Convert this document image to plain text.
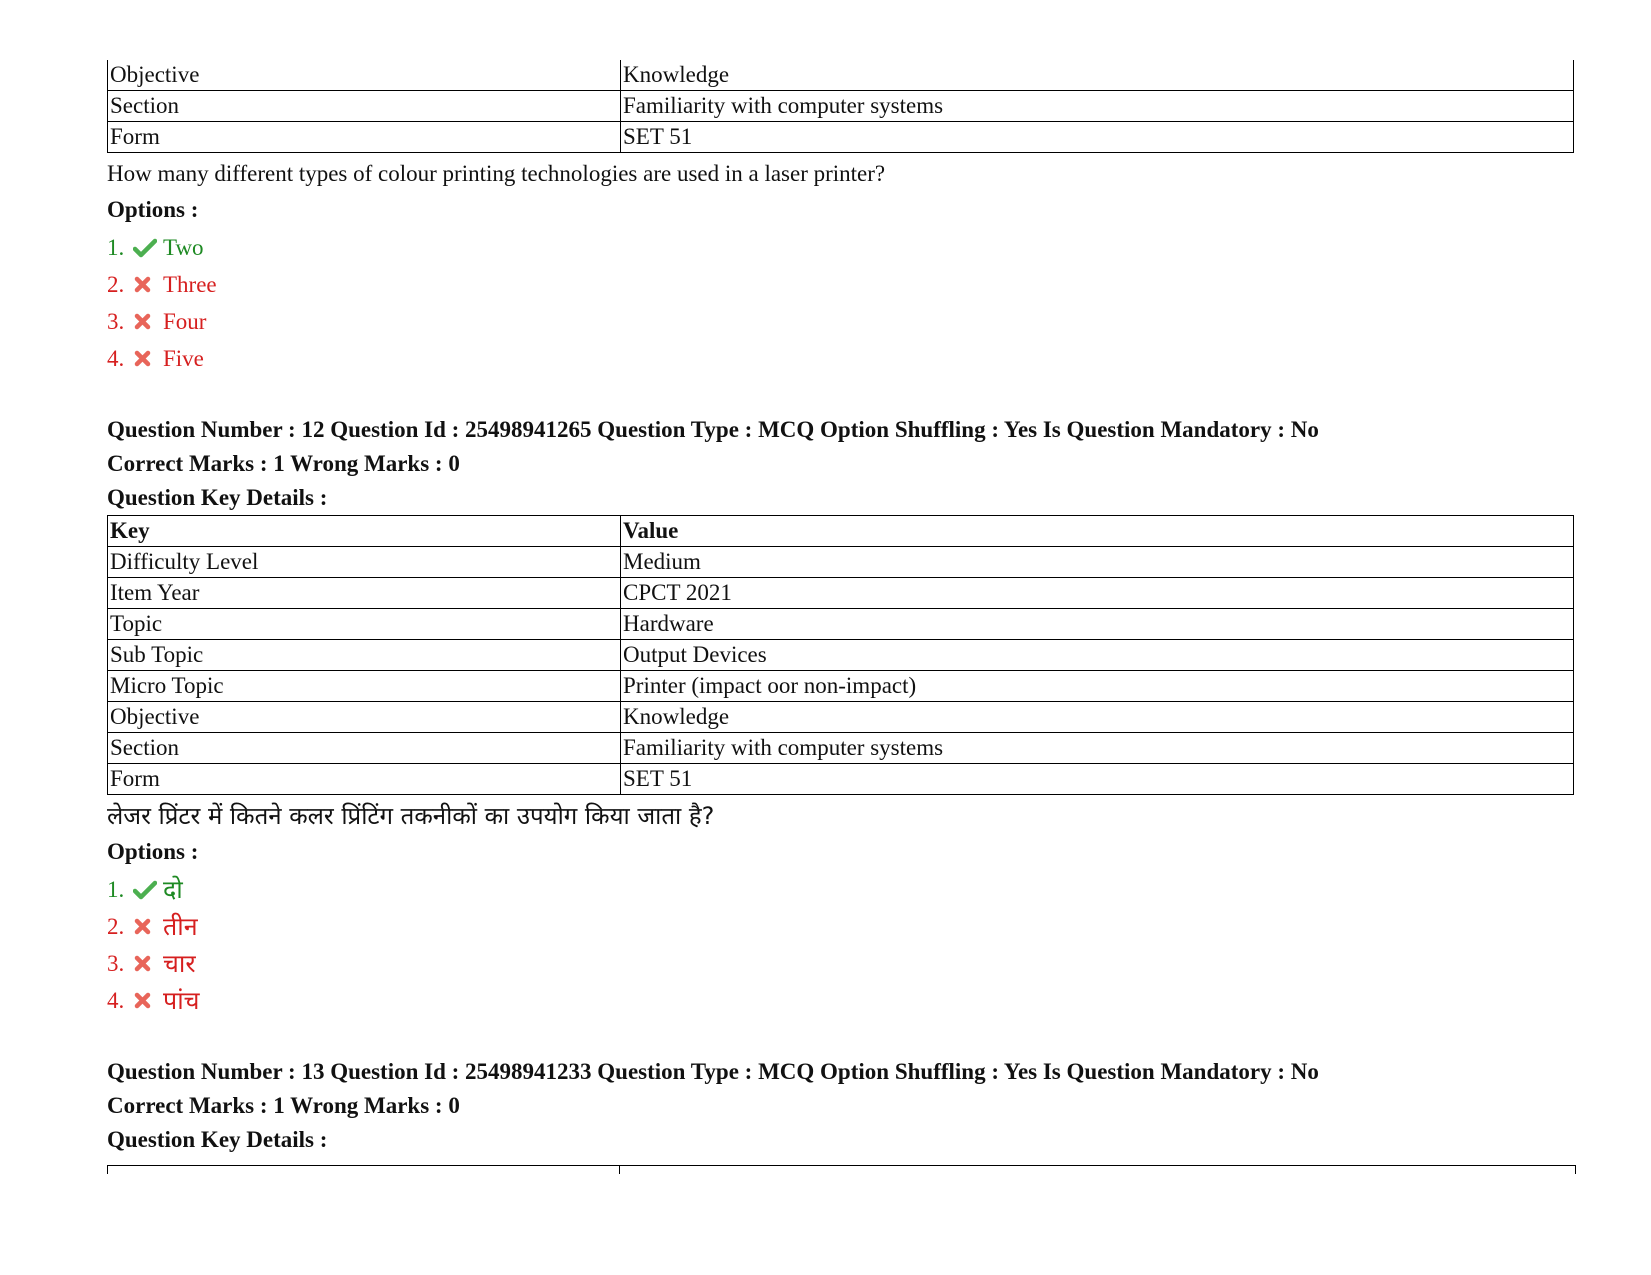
Objective	Knowledge
Section	Familiarity with computer systems
Form	SET 51
How many different types of colour printing technologies are used in a laser printer?
Options :
1.	Two
2.	Three
3.	Four
4.	Five
Question Number : 12 Question Id : 25498941265 Question Type : MCQ Option Shuffling : Yes Is Question Mandatory : No
Correct Marks : 1 Wrong Marks : 0
Question Key Details :
Key	Value
Difficulty Level	Medium
Item Year	CPCT 2021
Topic	Hardware
Sub Topic	Output Devices
Micro Topic	Printer (impact oor non-impact)
Objective	Knowledge
Section	Familiarity with computer systems
Form	SET 51
लेजर प्रिंटर में कितने कलर प्रिंटिंग तकनीकों का उपयोग किया जाता है?
Options :
1.	दो
2.	तीन
3.	चार
4.	पांच
Question Number : 13 Question Id : 25498941233 Question Type : MCQ Option Shuffling : Yes Is Question Mandatory : No
Correct Marks : 1 Wrong Marks : 0
Question Key Details :
